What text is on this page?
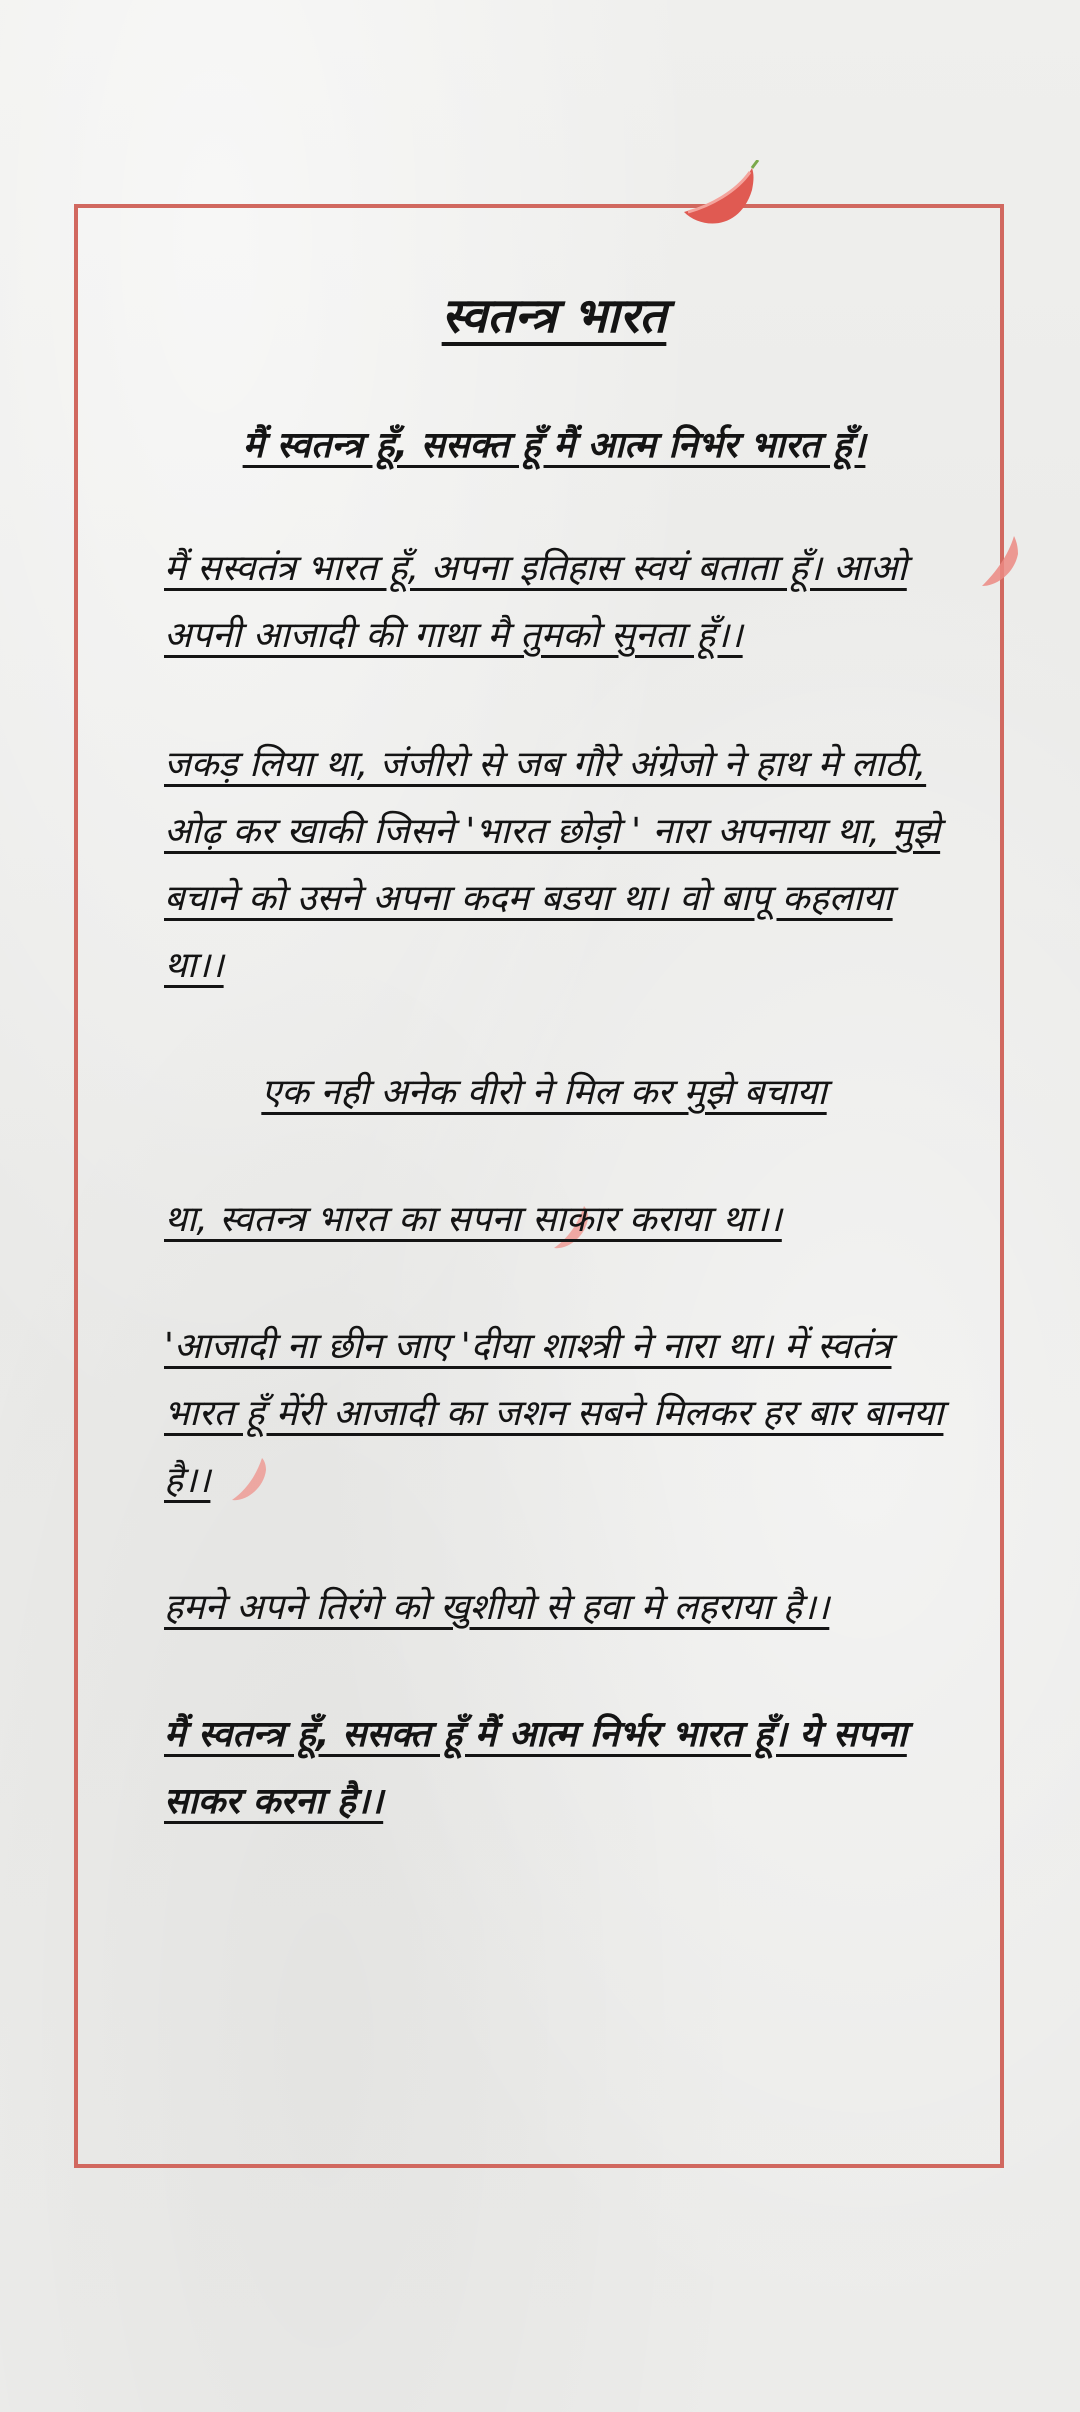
स्वतन्त्र भारत

मैं स्वतन्त्र हूँ, ससक्त हूँ मैं आत्म निर्भर भारत हूँ।

मैं सस्वतंत्र भारत हूँ, अपना इतिहास स्वयं बताता हूँ। आओ अपनी आजादी की गाथा मै तुमको सुनता हूँ।।

जकड़ लिया था, जंजीरो से जब गौरे अंग्रेजो ने हाथ मे लाठी, ओढ़ कर खाकी जिसने 'भारत छोड़ो ' नारा अपनाया था, मुझे बचाने को उसने अपना कदम बडया था। वो बापू कहलाया था।।

एक नही अनेक वीरो ने मिल कर मुझे बचाया

था, स्वतन्त्र भारत का सपना साकार कराया था।।

'आजादी ना छीन जाए 'दीया शाश्त्री ने नारा था। में स्वतंत्र भारत हूँ मेंरी आजादी का जशन सबने मिलकर हर बार बानया है।।

हमने अपने तिरंगे को खुशीयो से हवा मे लहराया है।।

मैं स्वतन्त्र हूँ, ससक्त हूँ मैं आत्म निर्भर भारत हूँ। ये सपना साकर करना है।।
